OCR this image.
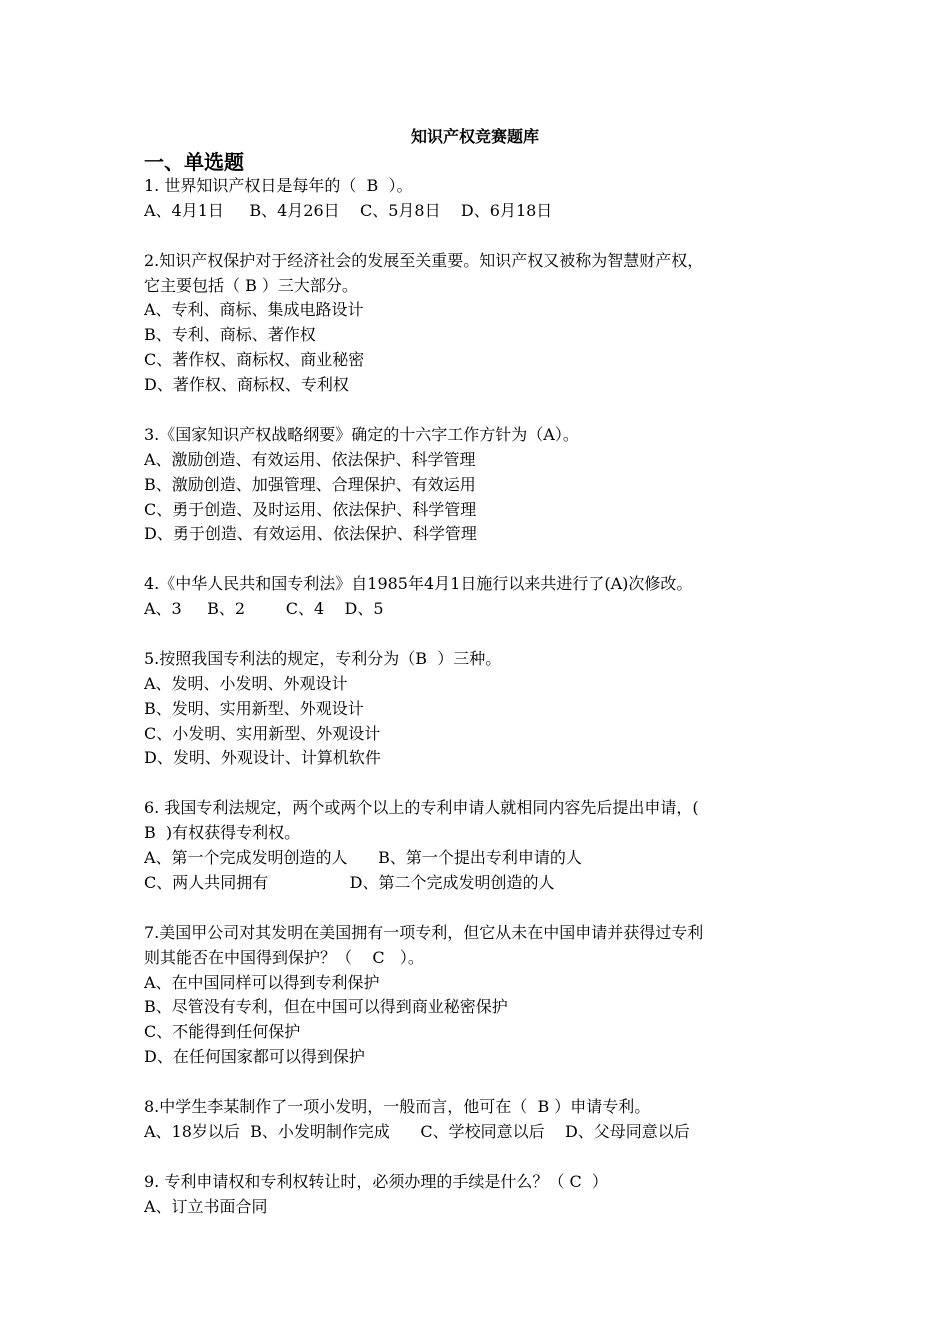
知识产权竞赛题库
一、单选题
1. 世界知识产权日是每年的（  B  ）。
A、4月1日     B、4月26日    C、5月8日    D、6月18日
2.知识产权保护对于经济社会的发展至关重要。知识产权又被称为智慧财产权，
它主要包括（ B ）三大部分。
A、专利、商标、集成电路设计
B、专利、商标、著作权
C、著作权、商标权、商业秘密
D、著作权、商标权、专利权
3.《国家知识产权战略纲要》确定的十六字工作方针为（A）。
A、激励创造、有效运用、依法保护、科学管理
B、激励创造、加强管理、合理保护、有效运用
C、勇于创造、及时运用、依法保护、科学管理
D、勇于创造、有效运用、依法保护、科学管理
4.《中华人民共和国专利法》自1985年4月1日施行以来共进行了(A)次修改。
A、3     B、2        C、4    D、5
5.按照我国专利法的规定，专利分为（B  ）三种。
A、发明、小发明、外观设计
B、发明、实用新型、外观设计
C、小发明、实用新型、外观设计
D、发明、外观设计、计算机软件
6. 我国专利法规定，两个或两个以上的专利申请人就相同内容先后提出申请，(
B  )有权获得专利权。
A、第一个完成发明创造的人      B、第一个提出专利申请的人
C、两人共同拥有                D、第二个完成发明创造的人
7.美国甲公司对其发明在美国拥有一项专利，但它从未在中国申请并获得过专利
则其能否在中国得到保护？（    C   ）。
A、在中国同样可以得到专利保护
B、尽管没有专利，但在中国可以得到商业秘密保护
C、不能得到任何保护
D、在任何国家都可以得到保护
8.中学生李某制作了一项小发明，一般而言，他可在（  B ）申请专利。
A、18岁以后  B、小发明制作完成      C、学校同意以后    D、父母同意以后
9. 专利申请权和专利权转让时，必须办理的手续是什么？（ C  ）
A、订立书面合同
